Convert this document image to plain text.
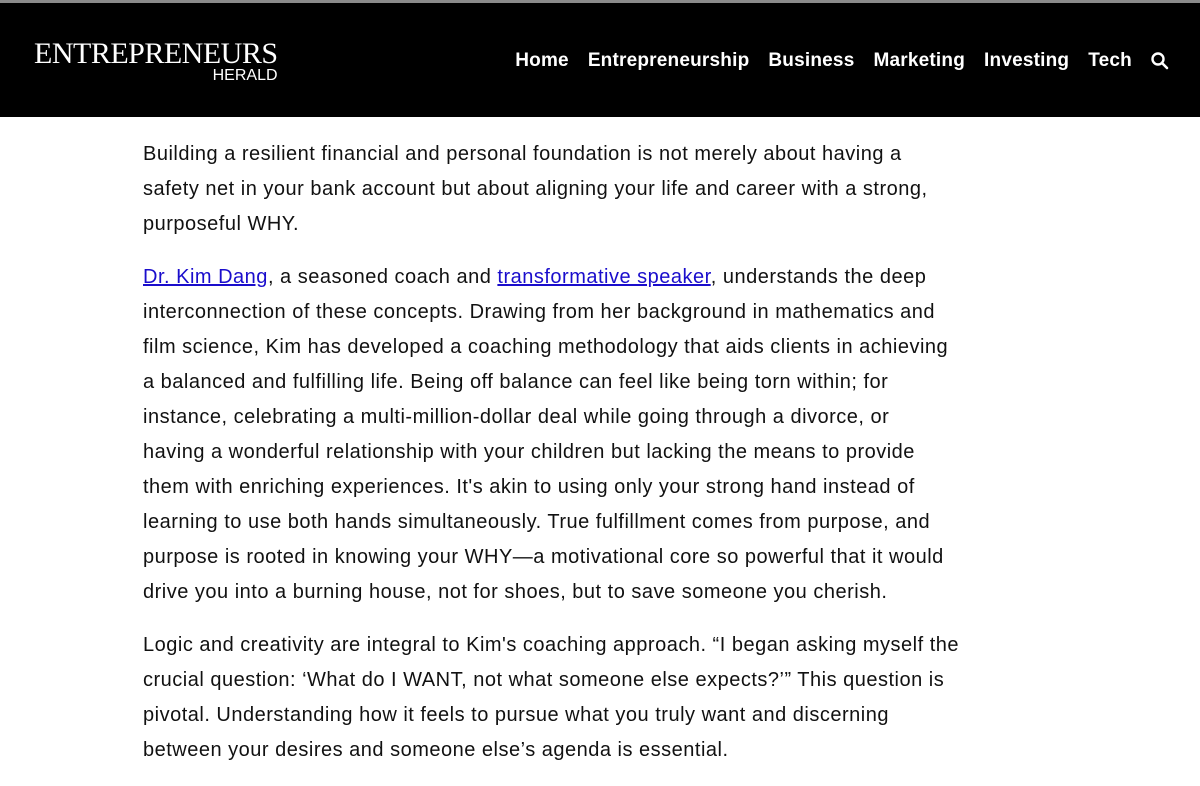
ENTREPRENEURS
HERALD
Home Entrepreneurship Business Marketing Investing Tech

Building a resilient financial and personal foundation is not merely about having a
safety net in your bank account but about aligning your life and career with a strong,
purposeful WHY.

Dr. Kim Dang, a seasoned coach and transformative speaker, understands the deep
interconnection of these concepts. Drawing from her background in mathematics and
film science, Kim has developed a coaching methodology that aids clients in achieving
a balanced and fulfilling life. Being off balance can feel like being torn within; for
instance, celebrating a multi-million-dollar deal while going through a divorce, or
having a wonderful relationship with your children but lacking the means to provide
them with enriching experiences. It's akin to using only your strong hand instead of
learning to use both hands simultaneously. True fulfillment comes from purpose, and
purpose is rooted in knowing your WHY—a motivational core so powerful that it would
drive you into a burning house, not for shoes, but to save someone you cherish.

Logic and creativity are integral to Kim's coaching approach. “I began asking myself the
crucial question: ‘What do I WANT, not what someone else expects?’” This question is
pivotal. Understanding how it feels to pursue what you truly want and discerning
between your desires and someone else’s agenda is essential.
